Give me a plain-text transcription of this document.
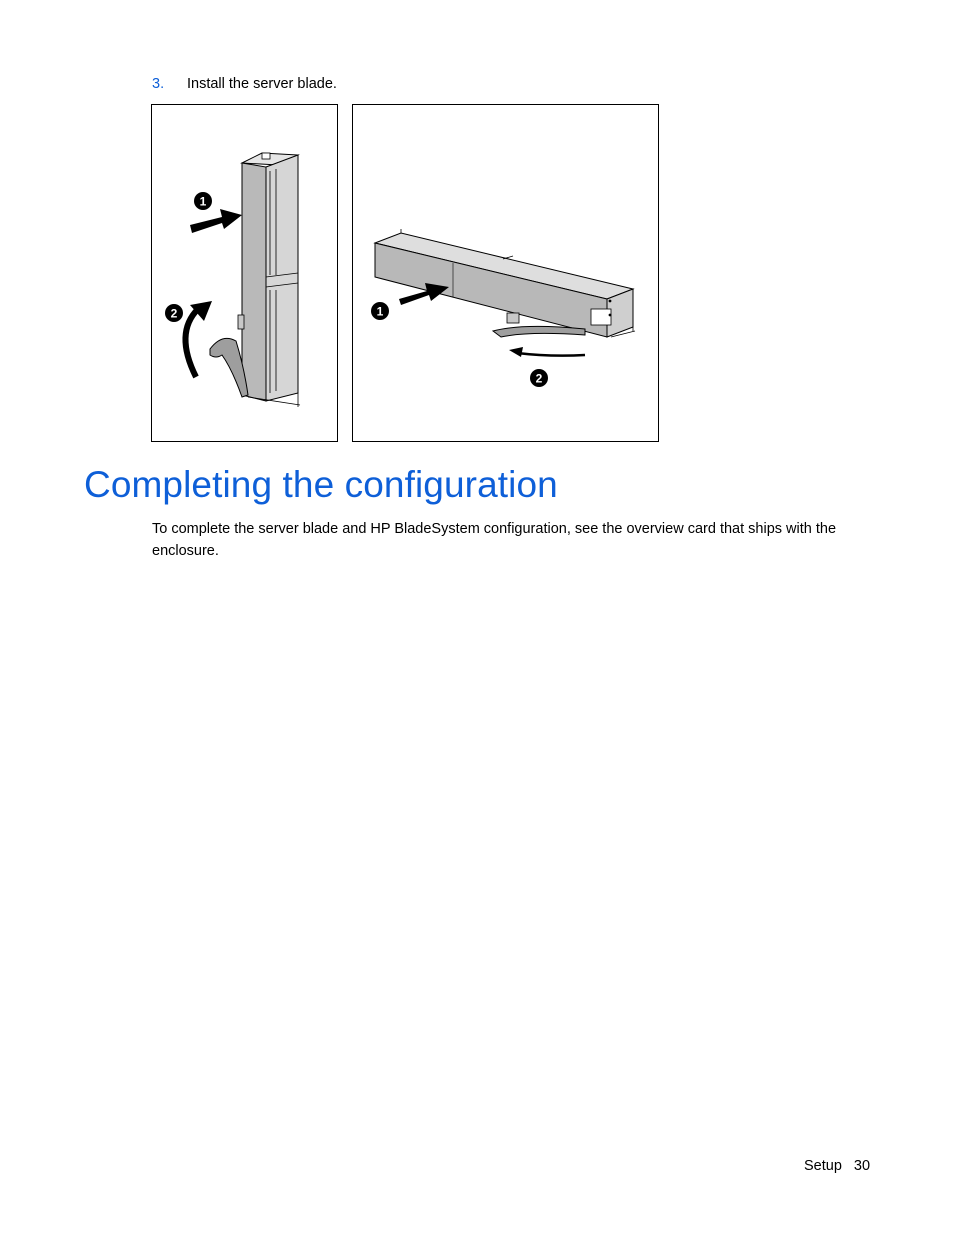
3. Install the server blade.
1
2	1
2
Completing the configuration

To complete the server blade and HP BladeSystem configuration, see the overview card that ships with the enclosure.

Setup 30
